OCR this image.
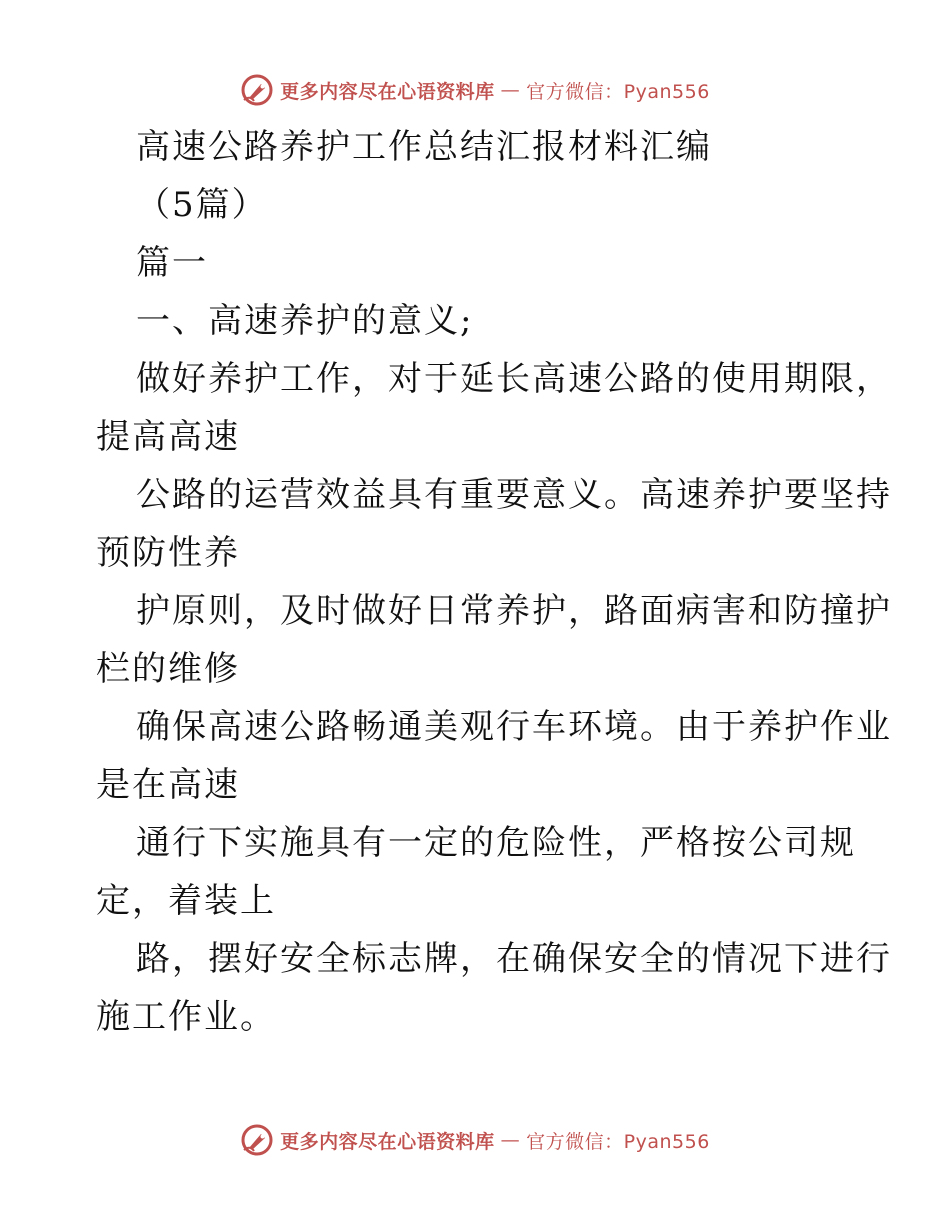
更多内容尽在心语资料库 — 官方微信：Pyan556
高速公路养护工作总结汇报材料汇编
（5篇）
篇一
一、高速养护的意义;
做好养护工作，对于延长高速公路的使用期限，
提高高速
公路的运营效益具有重要意义。高速养护要坚持
预防性养
护原则，及时做好日常养护，路面病害和防撞护
栏的维修
确保高速公路畅通美观行车环境。由于养护作业
是在高速
通行下实施具有一定的危险性，严格按公司规
定，着装上
路，摆好安全标志牌，在确保安全的情况下进行
施工作业。
更多内容尽在心语资料库 — 官方微信：Pyan556
